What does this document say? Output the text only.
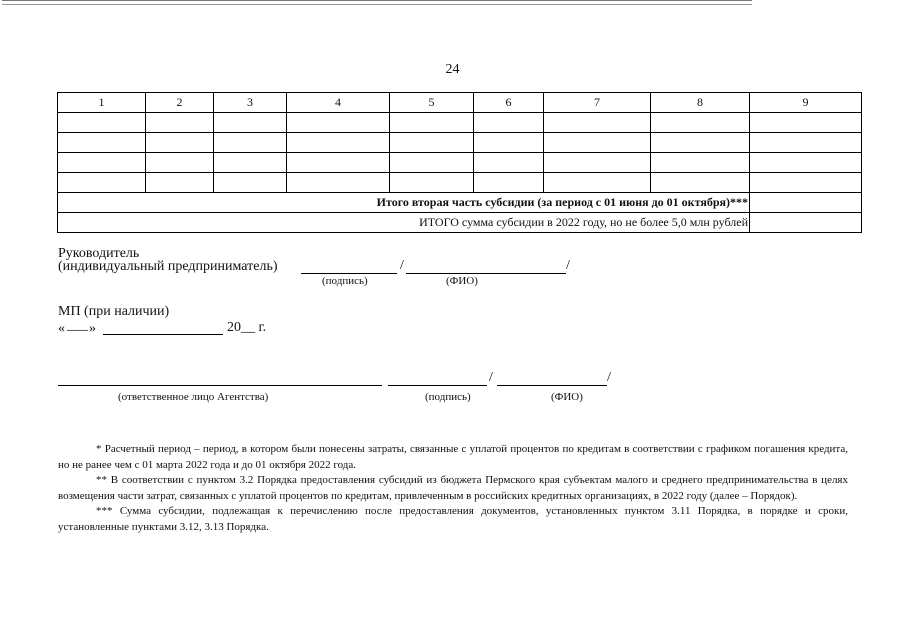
24
1	2	3	4	5	6	7	8	9

Итого вторая часть субсидии (за период с 01 июня до 01 октября)***								
ИТОГО сумма субсидии в 2022 году, но не более 5,0 млн рублей								
Руководитель
(индивидуальный предприниматель)	/	/
(подпись)	(ФИО)
МП (при наличии)
« ___ »	20__ г.
/	/
(ответственное лицо Агентства)	(подпись)	(ФИО)

* Расчетный период – период, в котором были понесены затраты, связанные с уплатой процентов по кредитам в соответствии с графиком погашения кредита, но не ранее чем с 01 марта 2022 года и до 01 октября 2022 года.

** В соответствии с пунктом 3.2 Порядка предоставления субсидий из бюджета Пермского края субъектам малого и среднего предпринимательства в целях возмещения части затрат, связанных с уплатой процентов по кредитам, привлеченным в российских кредитных организациях, в 2022 году (далее – Порядок).

*** Сумма субсидии, подлежащая к перечислению после предоставления документов, установленных пунктом 3.11 Порядка, в порядке и сроки, установленные пунктами 3.12, 3.13 Порядка.
